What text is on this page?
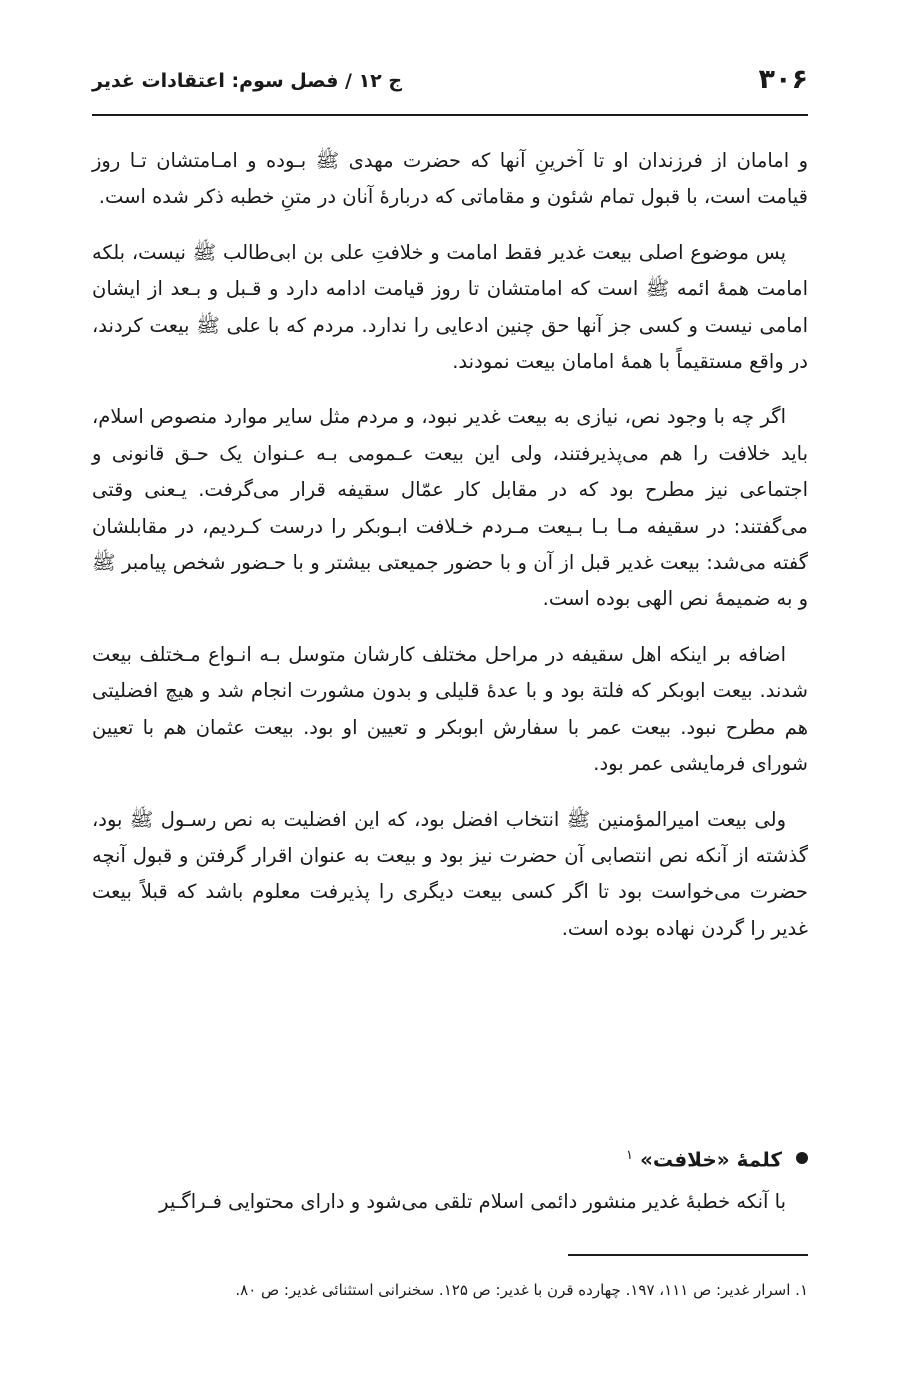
۳۰۶
ج ۱۲ / فصل سوم: اعتقادات غدیر

و امامان از فرزندان او تا آخرینِ آنها که حضرت مهدی ﷺ بـوده و امـامتشان تـا روز قیامت است، با قبول تمام شئون و مقاماتی که دربارهٔ آنان در متنِ خطبه ذکر شده است.

پس موضوع اصلی بیعت غدیر فقط امامت و خلافتِ علی بن ابی‌طالب ﷺ نیست، بلکه امامت همهٔ ائمه ﷺ است که امامتشان تا روز قیامت ادامه دارد و قـبل و بـعد از ایشان امامی نیست و کسی جز آنها حق چنین ادعایی را ندارد. مردم که با علی ﷺ بیعت کردند، در واقع مستقیماً با همهٔ امامان بیعت نمودند.

اگر چه با وجود نص، نیازی به بیعت غدیر نبود، و مردم مثل سایر موارد منصوص اسلام، باید خلافت را هم می‌پذیرفتند، ولی این بیعت عـمومی بـه عـنوان یک حـق قانونی و اجتماعی نیز مطرح بود که در مقابل کار عمّال سقیفه قرار می‌گرفت. یـعنی وقتی می‌گفتند: در سقیفه مـا بـا بـیعت مـردم خـلافت ابـوبکر را درست کـردیم، در مقابلشان گفته می‌شد: بیعت غدیر قبل از آن و با حضور جمیعتی بیشتر و با حـضور شخص پیامبر ﷺ و به ضمیمهٔ نص الهی بوده است.

اضافه بر اینکه اهل سقیفه در مراحل مختلف کارشان متوسل بـه انـواع مـختلف بیعت شدند. بیعت ابوبکر که فلتة بود و با عدهٔ قلیلی و بدون مشورت انجام شد و هیچ افضلیتی هم مطرح نبود. بیعت عمر با سفارش ابوبکر و تعیین او بود. بیعت عثمان هم با تعیین شورای فرمایشی عمر بود.

ولی بیعت امیرالمؤمنین ﷺ انتخاب افضل بود، که این افضلیت به نص رسـول ﷺ بود، گذشته از آنکه نص انتصابی آن حضرت نیز بود و بیعت به عنوان اقرار گرفتن و قبول آنچه حضرت می‌خواست بود تا اگر کسی بیعت دیگری را پذیرفت معلوم باشد که قبلاً بیعت غدیر را گردن نهاده بوده است.

کلمهٔ «خلافت» $^۱$

با آنکه خطبهٔ غدیر منشور دائمی اسلام تلقی می‌شود و دارای محتوایی فـراگـیر

۱. اسرار غدیر: ص ۱۱۱، ۱۹۷. چهارده قرن با غدیر: ص ۱۲۵. سخنرانی استثنائی غدیر: ص ۸۰.
